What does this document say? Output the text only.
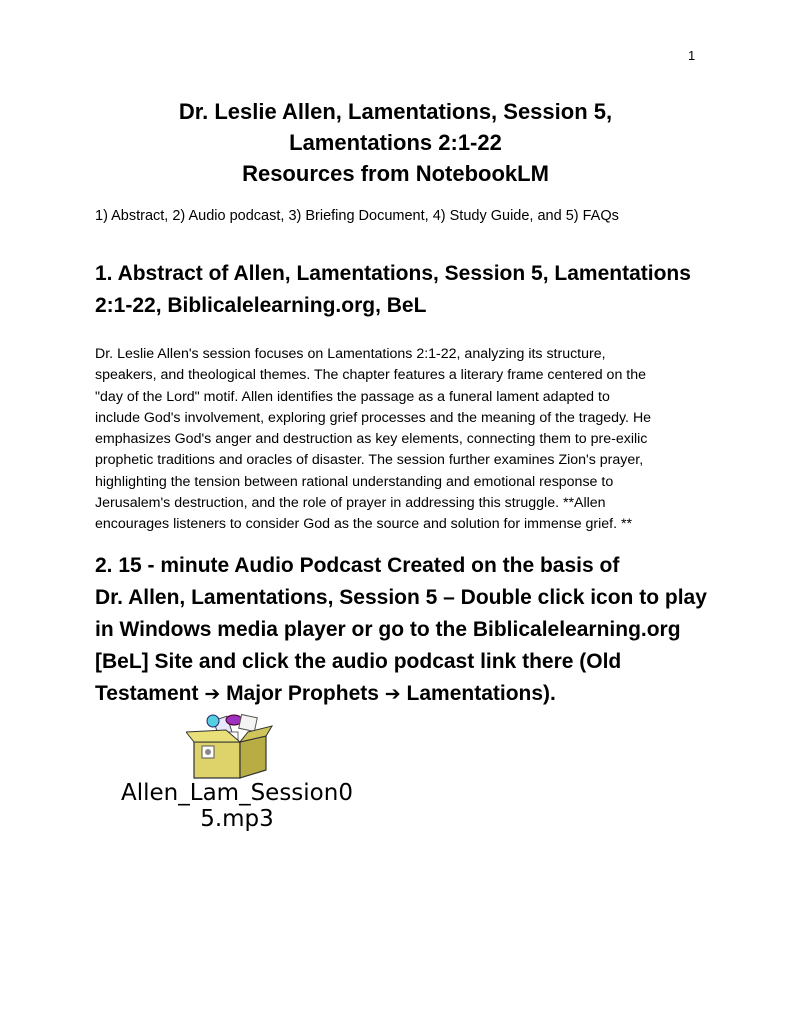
1
Dr. Leslie Allen, Lamentations, Session 5,
Lamentations 2:1-22
Resources from NotebookLM
1) Abstract, 2) Audio podcast, 3) Briefing Document, 4) Study Guide, and 5) FAQs
1. Abstract of Allen, Lamentations, Session 5, Lamentations
2:1-22, Biblicalelearning.org, BeL
Dr. Leslie Allen's session focuses on Lamentations 2:1-22, analyzing its structure,
speakers, and theological themes. The chapter features a literary frame centered on the
"day of the Lord" motif. Allen identifies the passage as a funeral lament adapted to
include God's involvement, exploring grief processes and the meaning of the tragedy. He
emphasizes God's anger and destruction as key elements, connecting them to pre-exilic
prophetic traditions and oracles of disaster. The session further examines Zion's prayer,
highlighting the tension between rational understanding and emotional response to
Jerusalem's destruction, and the role of prayer in addressing this struggle. **Allen
encourages listeners to consider God as the source and solution for immense grief. **
2. 15 - minute Audio Podcast Created on the basis of
Dr. Allen, Lamentations, Session 5 – Double click icon to play
in Windows media player or go to the Biblicalelearning.org
[BeL] Site and click the audio podcast link there (Old
Testament ➔ Major Prophets ➔ Lamentations).
Allen_Lam_Session0
5.mp3
